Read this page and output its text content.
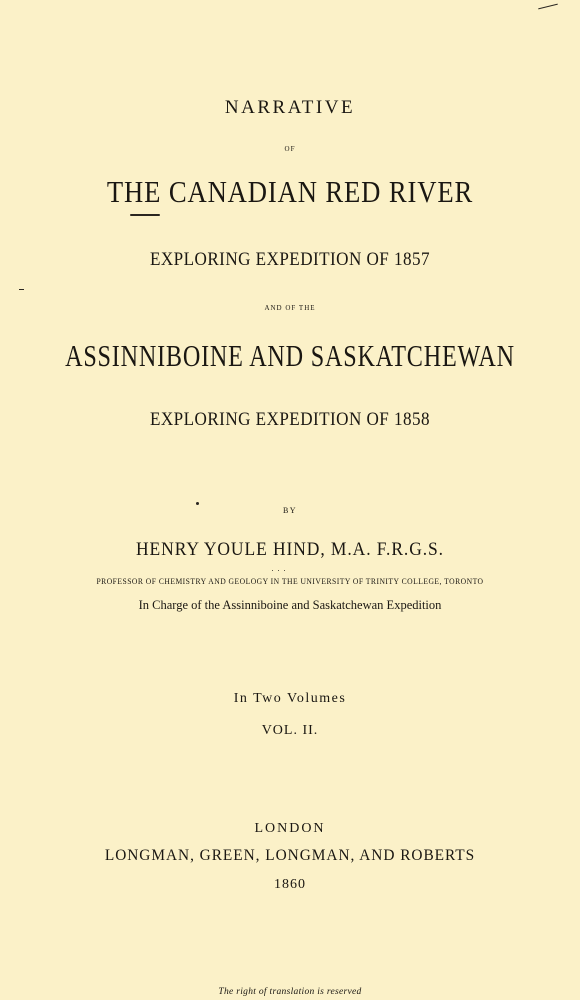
NARRATIVE
OF
THE CANADIAN RED RIVER
EXPLORING EXPEDITION OF 1857
AND OF THE
ASSINNIBOINE AND SASKATCHEWAN
EXPLORING EXPEDITION OF 1858
BY
HENRY YOULE HIND, M.A. F.R.G.S.
PROFESSOR OF CHEMISTRY AND GEOLOGY IN THE UNIVERSITY OF TRINITY COLLEGE, TORONTO
In Charge of the Assinniboine and Saskatchewan Expedition
In Two Volumes
VOL. II.
LONDON
LONGMAN, GREEN, LONGMAN, AND ROBERTS
1860
The right of translation is reserved
